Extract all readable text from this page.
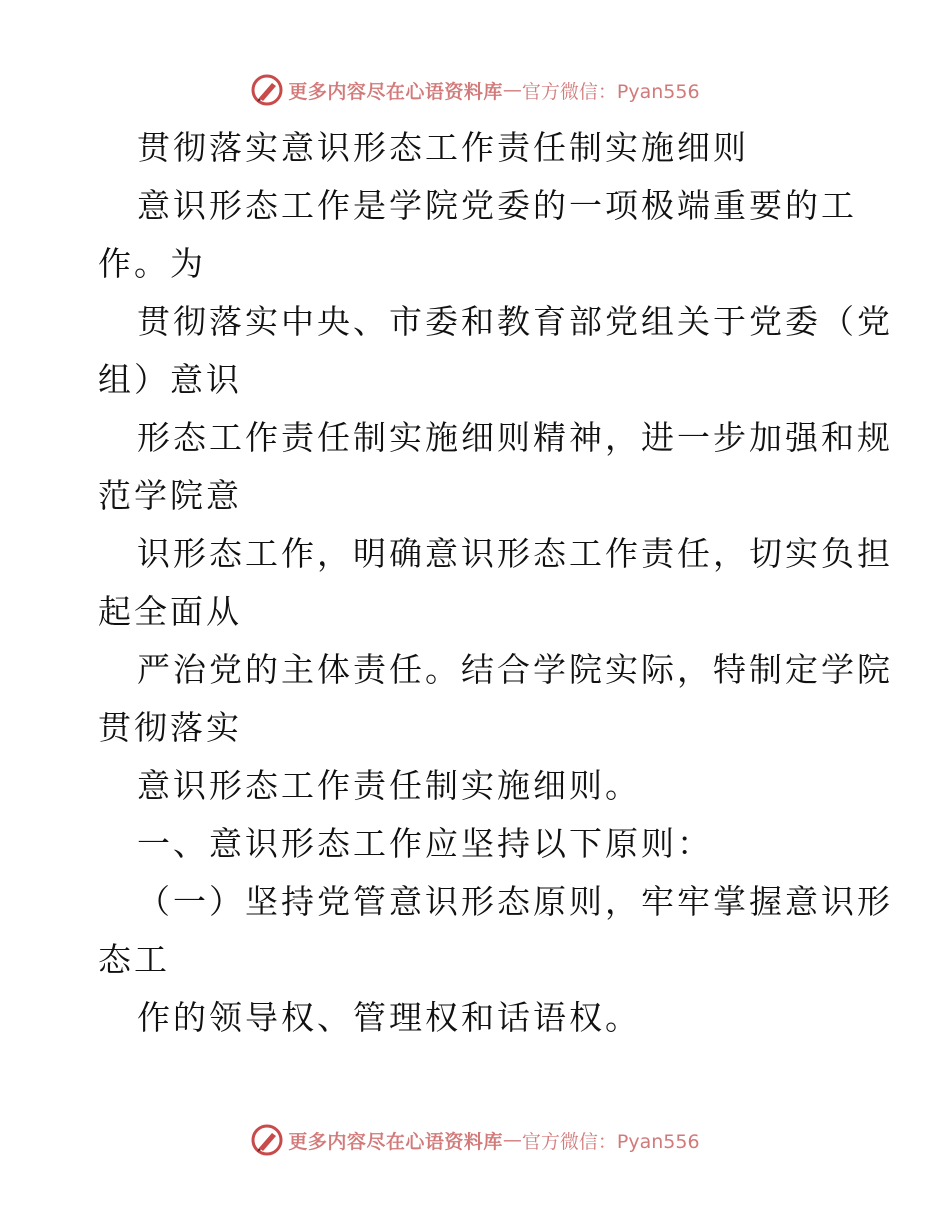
更多内容尽在心语资料库 — 官方微信：Pyan556
贯彻落实意识形态工作责任制实施细则
意识形态工作是学院党委的一项极端重要的工
作。为
贯彻落实中央、市委和教育部党组关于党委（党
组）意识
形态工作责任制实施细则精神，进一步加强和规
范学院意
识形态工作，明确意识形态工作责任，切实负担
起全面从
严治党的主体责任。结合学院实际，特制定学院
贯彻落实
意识形态工作责任制实施细则。
一、意识形态工作应坚持以下原则：
（一）坚持党管意识形态原则，牢牢掌握意识形
态工
作的领导权、管理权和话语权。
更多内容尽在心语资料库 — 官方微信：Pyan556
